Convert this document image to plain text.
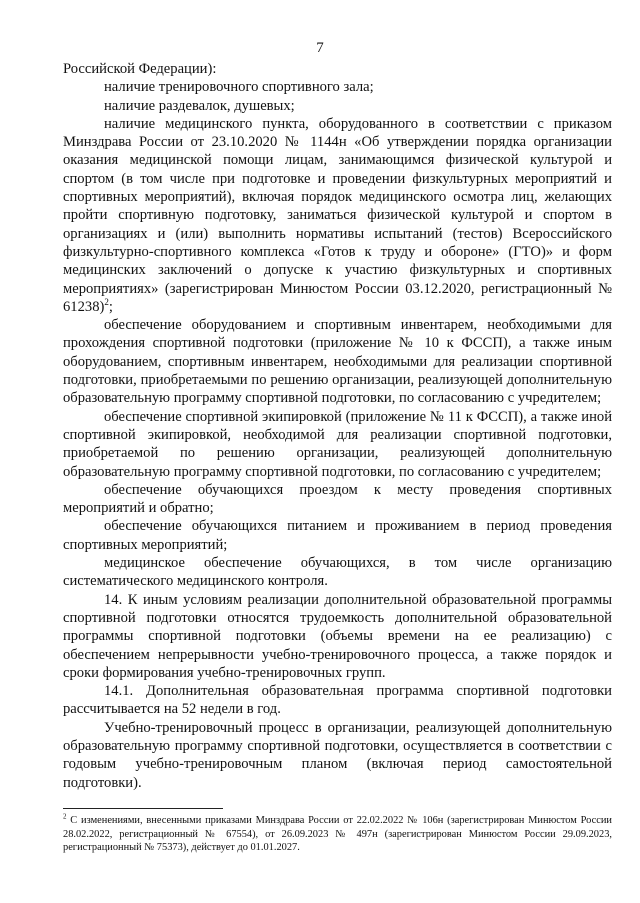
7

Российской Федерации):

наличие тренировочного спортивного зала;

наличие раздевалок, душевых;

наличие медицинского пункта, оборудованного в соответствии с приказом Минздрава России от 23.10.2020 № 1144н «Об утверждении порядка организации оказания медицинской помощи лицам, занимающимся физической культурой и спортом (в том числе при подготовке и проведении физкультурных мероприятий и спортивных мероприятий), включая порядок медицинского осмотра лиц, желающих пройти спортивную подготовку, заниматься физической культурой и спортом в организациях и (или) выполнить нормативы испытаний (тестов) Всероссийского физкультурно-спортивного комплекса «Готов к труду и обороне» (ГТО)» и форм медицинских заключений о допуске к участию физкультурных и спортивных мероприятиях» (зарегистрирован Минюстом России 03.12.2020, регистрационный № 61238)$^2$;

обеспечение оборудованием и спортивным инвентарем, необходимыми для прохождения спортивной подготовки (приложение № 10 к ФССП), а также иным оборудованием, спортивным инвентарем, необходимыми для реализации спортивной подготовки, приобретаемыми по решению организации, реализующей дополнительную образовательную программу спортивной подготовки, по согласованию с учредителем;

обеспечение спортивной экипировкой (приложение № 11 к ФССП), а также иной спортивной экипировкой, необходимой для реализации спортивной подготовки, приобретаемой по решению организации, реализующей дополнительную образовательную программу спортивной подготовки, по согласованию с учредителем;

обеспечение обучающихся проездом к месту проведения спортивных мероприятий и обратно;

обеспечение обучающихся питанием и проживанием в период проведения спортивных мероприятий;

медицинское обеспечение обучающихся, в том числе организацию систематического медицинского контроля.

14. К иным условиям реализации дополнительной образовательной программы спортивной подготовки относятся трудоемкость дополнительной образовательной программы спортивной подготовки (объемы времени на ее реализацию) с обеспечением непрерывности учебно-тренировочного процесса, а также порядок и сроки формирования учебно-тренировочных групп.

14.1. Дополнительная образовательная программа спортивной подготовки рассчитывается на 52 недели в год.

Учебно-тренировочный процесс в организации, реализующей дополнительную образовательную программу спортивной подготовки, осуществляется в соответствии с годовым учебно-тренировочным планом (включая период самостоятельной подготовки).

$^2$ С изменениями, внесенными приказами Минздрава России от 22.02.2022 № 106н (зарегистрирован Минюстом России 28.02.2022, регистрационный № 67554), от 26.09.2023 № 497н (зарегистрирован Минюстом России 29.09.2023, регистрационный № 75373), действует до 01.01.2027.
